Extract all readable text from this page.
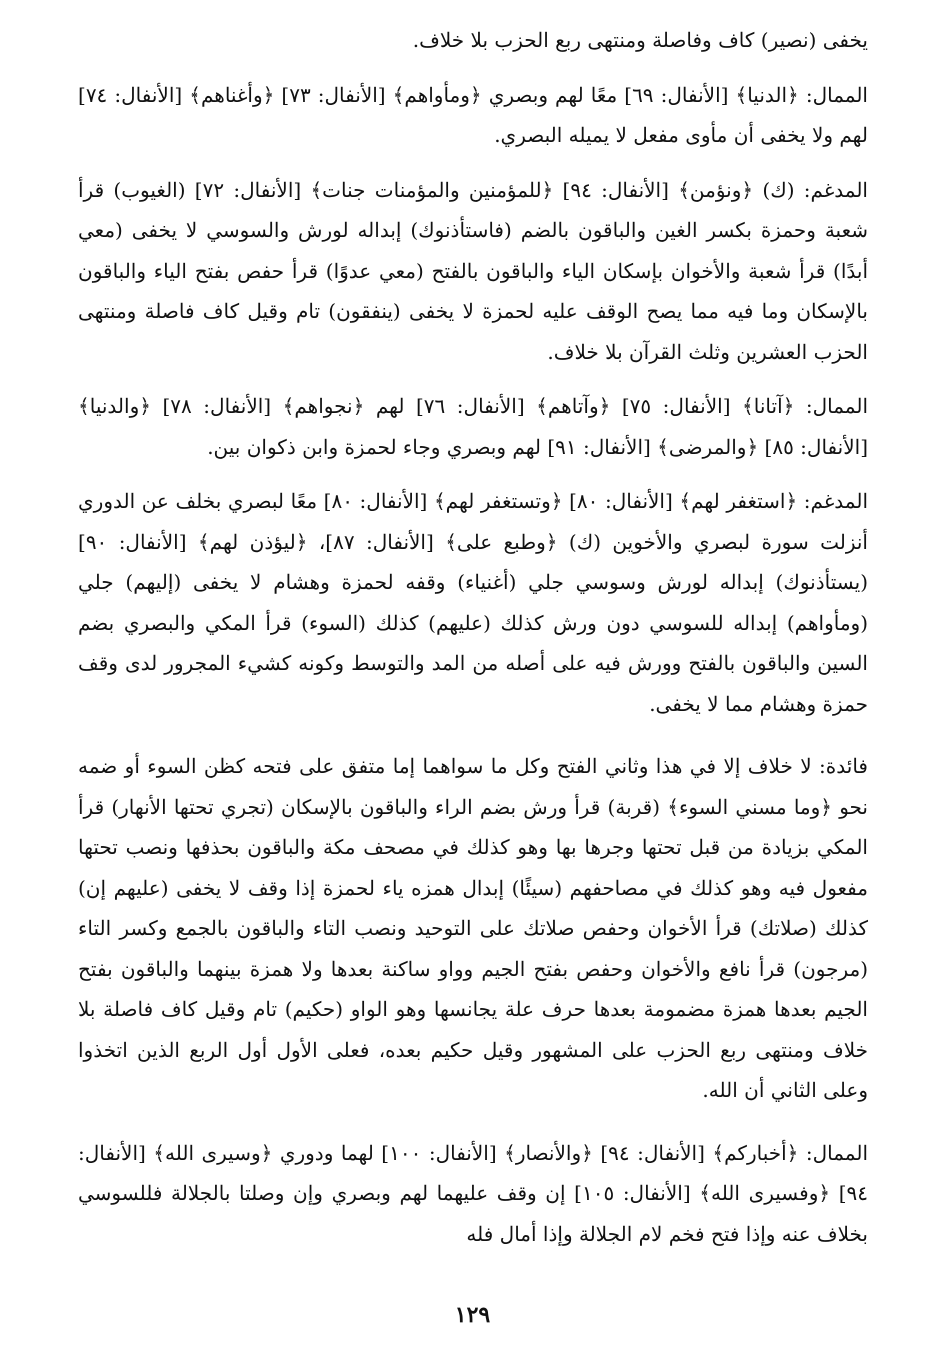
يخفى (نصير) كاف وفاصلة ومنتهى ربع الحزب بلا خلاف.

الممال: ﴿الدنيا﴾ [الأنفال: ٦٩] معًا لهم وبصري ﴿ومأواهم﴾ [الأنفال: ٧٣] ﴿وأغناهم﴾ [الأنفال: ٧٤] لهم ولا يخفى أن مأوى مفعل لا يميله البصري.

المدغم: (ك) ﴿ونؤمن﴾ [الأنفال: ٩٤] ﴿للمؤمنين والمؤمنات جنات﴾ [الأنفال: ٧٢] (الغيوب) قرأ شعبة وحمزة بكسر الغين والباقون بالضم (فاستأذنوك) إبداله لورش والسوسي لا يخفى (معي أبدًا) قرأ شعبة والأخوان بإسكان الياء والباقون بالفتح (معي عدوًا) قرأ حفص بفتح الياء والباقون بالإسكان وما فيه مما يصح الوقف عليه لحمزة لا يخفى (ينفقون) تام وقيل كاف فاصلة ومنتهى الحزب العشرين وثلث القرآن بلا خلاف.

الممال: ﴿آتانا﴾ [الأنفال: ٧٥] ﴿وآتاهم﴾ [الأنفال: ٧٦] لهم ﴿نجواهم﴾ [الأنفال: ٧٨] ﴿والدنيا﴾ [الأنفال: ٨٥] ﴿والمرضى﴾ [الأنفال: ٩١] لهم وبصري وجاء لحمزة وابن ذكوان بين.

المدغم: ﴿استغفر لهم﴾ [الأنفال: ٨٠] ﴿وتستغفر لهم﴾ [الأنفال: ٨٠] معًا لبصري بخلف عن الدوري أنزلت سورة لبصري والأخوين (ك) ﴿وطبع على﴾ [الأنفال: ٨٧]، ﴿ليؤذن لهم﴾ [الأنفال: ٩٠] (يستأذنوك) إبداله لورش وسوسي جلي (أغنياء) وقفه لحمزة وهشام لا يخفى (إليهم) جلي (ومأواهم) إبداله للسوسي دون ورش كذلك (عليهم) كذلك (السوء) قرأ المكي والبصري بضم السين والباقون بالفتح وورش فيه على أصله من المد والتوسط وكونه كشيء المجرور لدى وقف حمزة وهشام مما لا يخفى.

فائدة: لا خلاف إلا في هذا وثاني الفتح وكل ما سواهما إما متفق على فتحه كظن السوء أو ضمه نحو ﴿وما مسني السوء﴾ (قربة) قرأ ورش بضم الراء والباقون بالإسكان (تجري تحتها الأنهار) قرأ المكي بزيادة من قبل تحتها وجرها بها وهو كذلك في مصحف مكة والباقون بحذفها ونصب تحتها مفعول فيه وهو كذلك في مصاحفهم (سيئًا) إبدال همزه ياء لحمزة إذا وقف لا يخفى (عليهم إن) كذلك (صلاتك) قرأ الأخوان وحفص صلاتك على التوحيد ونصب التاء والباقون بالجمع وكسر التاء (مرجون) قرأ نافع والأخوان وحفص بفتح الجيم وواو ساكنة بعدها ولا همزة بينهما والباقون بفتح الجيم بعدها همزة مضمومة بعدها حرف علة يجانسها وهو الواو (حكيم) تام وقيل كاف فاصلة بلا خلاف ومنتهى ربع الحزب على المشهور وقيل حكيم بعده، فعلى الأول أول الربع الذين اتخذوا وعلى الثاني أن الله.

الممال: ﴿أخباركم﴾ [الأنفال: ٩٤] ﴿والأنصار﴾ [الأنفال: ١٠٠] لهما ودوري ﴿وسيرى الله﴾ [الأنفال: ٩٤] ﴿وفسيرى الله﴾ [الأنفال: ١٠٥] إن وقف عليهما لهم وبصري وإن وصلتا بالجلالة فللسوسي بخلاف عنه وإذا فتح فخم لام الجلالة وإذا أمال فله

١٢٩
